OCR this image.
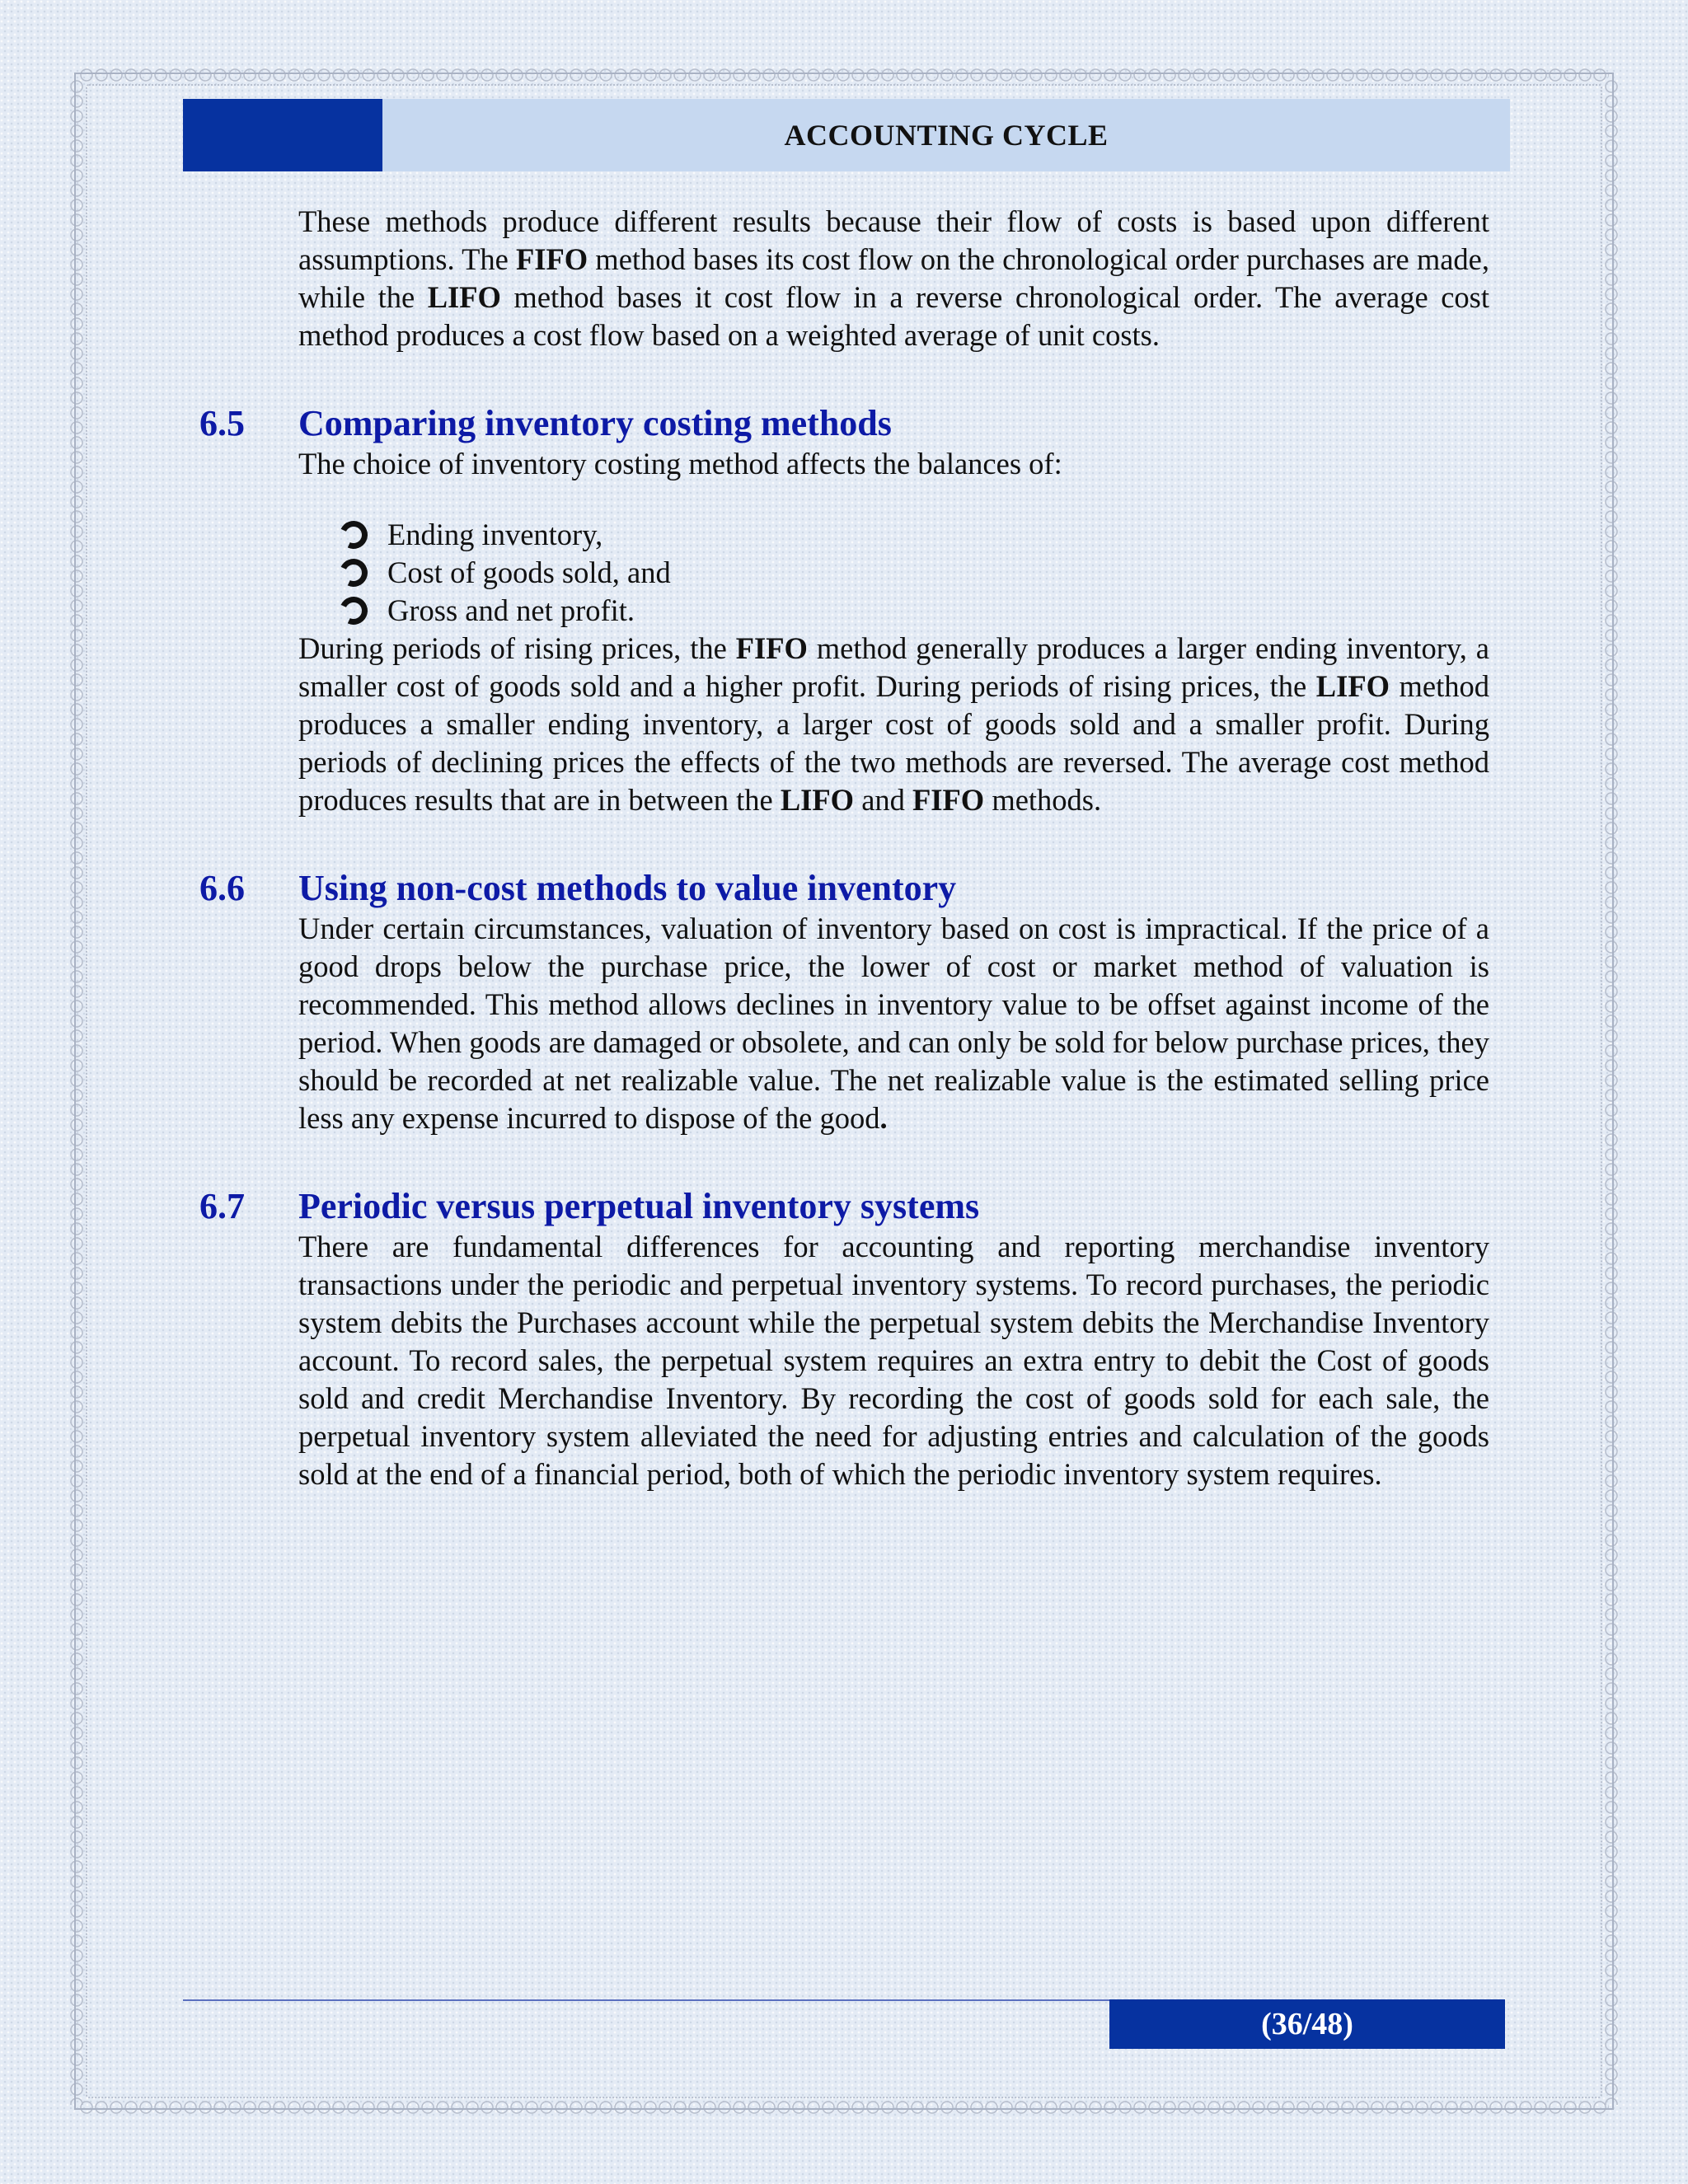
ACCOUNTING CYCLE

These methods produce different results because their flow of costs is based upon different assumptions. The FIFO method bases its cost flow on the chronological order purchases are made, while the LIFO method bases it cost flow in a reverse chronological order. The average cost method produces a cost flow based on a weighted average of unit costs.

6.5	Comparing inventory costing methods

The choice of inventory costing method affects the balances of:

Ending inventory,
Cost of goods sold, and
Gross and net profit.

During periods of rising prices, the FIFO method generally produces a larger ending inventory, a smaller cost of goods sold and a higher profit. During periods of rising prices, the LIFO method produces a smaller ending inventory, a larger cost of goods sold and a smaller profit. During periods of declining prices the effects of the two methods are reversed. The average cost method produces results that are in between the LIFO and FIFO methods.

6.6	Using non-cost methods to value inventory

Under certain circumstances, valuation of inventory based on cost is impractical. If the price of a good drops below the purchase price, the lower of cost or market method of valuation is recommended. This method allows declines in inventory value to be offset against income of the period. When goods are damaged or obsolete, and can only be sold for below purchase prices, they should be recorded at net realizable value. The net realizable value is the estimated selling price less any expense incurred to dispose of the good.

6.7	Periodic versus perpetual inventory systems

There are fundamental differences for accounting and reporting merchandise inventory transactions under the periodic and perpetual inventory systems. To record purchases, the periodic system debits the Purchases account while the perpetual system debits the Merchandise Inventory account. To record sales, the perpetual system requires an extra entry to debit the Cost of goods sold and credit Merchandise Inventory. By recording the cost of goods sold for each sale, the perpetual inventory system alleviated the need for adjusting entries and calculation of the goods sold at the end of a financial period, both of which the periodic inventory system requires.

(36/48)
